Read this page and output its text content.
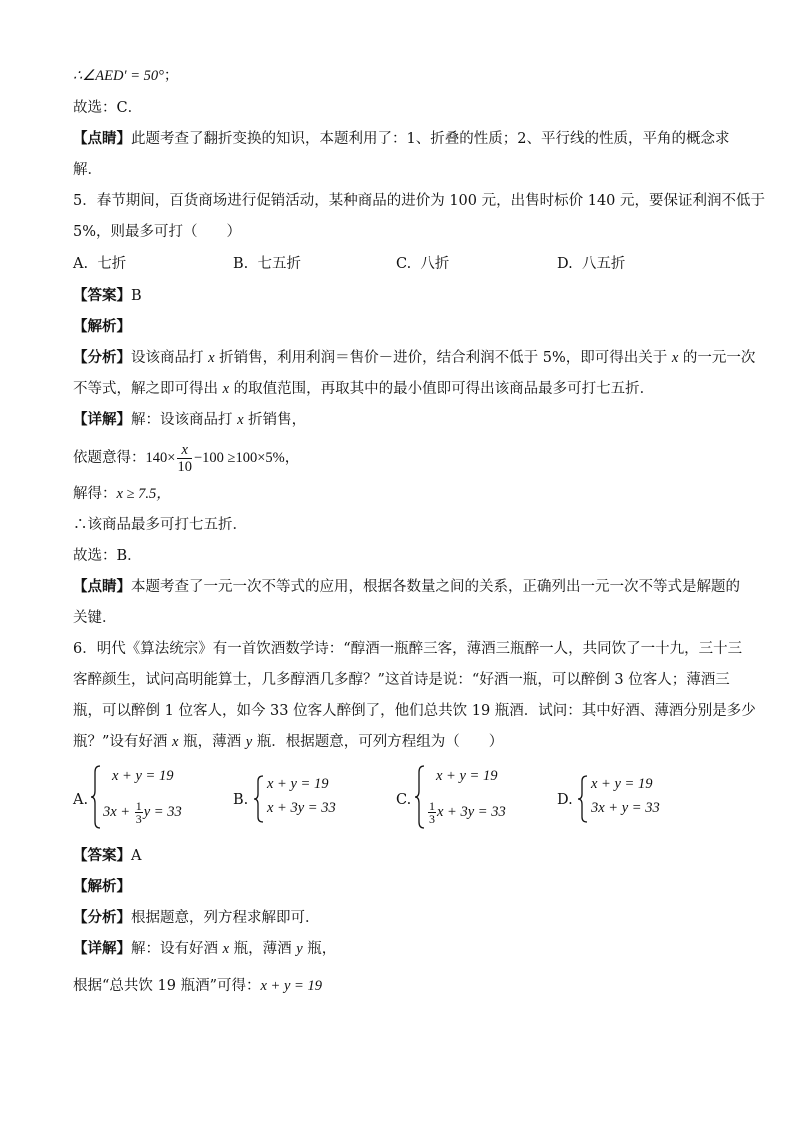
∴∠AED′ = 50°；
故选：C．
【点睛】此题考查了翻折变换的知识，本题利用了：1、折叠的性质；2、平行线的性质，平角的概念求
解．
5．春节期间，百货商场进行促销活动，某种商品的进价为 100 元，出售时标价 140 元，要保证利润不低于
5%，则最多可打（　　）
A. 七折	B. 七五折	C. 八折	D. 八五折
【答案】B
【解析】
【分析】设该商品打 x 折销售，利用利润＝售价－进价，结合利润不低于 5%，即可得出关于 x 的一元一次
不等式，解之即可得出 x 的取值范围，再取其中的最小值即可得出该商品最多可打七五折．
【详解】解：设该商品打 x 折销售，
依题意得：$140\times \frac{x}{10} -100 \ge 100\times 5\%$，
解得：x ≥ 7.5，
∴该商品最多可打七五折．
故选：B．
【点睛】本题考查了一元一次不等式的应用，根据各数量之间的关系，正确列出一元一次不等式是解题的
关键．
6．明代《算法统宗》有一首饮酒数学诗：“醇酒一瓶醉三客，薄酒三瓶醉一人，共同饮了一十九，三十三
客醉颜生，试问高明能算士，几多醇酒几多醇？”这首诗是说：“好酒一瓶，可以醉倒 3 位客人；薄酒三
瓶，可以醉倒 1 位客人，如今 33 位客人醉倒了，他们总共饮 19 瓶酒．试问：其中好酒、薄酒分别是多少
瓶？”设有好酒 x 瓶，薄酒 y 瓶．根据题意，可列方程组为（　　）
A.
x + y = 19
$3x + \frac{1}{3}$ y = 33
B.
x + y = 19
x + 3y = 33	C.
x + y = 19
$\frac{1}{3}$ x + 3y = 33
D.
x + y = 19
3x + y = 33
【答案】A
【解析】
【分析】根据题意，列方程求解即可．
【详解】解：设有好酒 x 瓶，薄酒 y 瓶，
根据“总共饮 19 瓶酒”可得：x + y = 19
